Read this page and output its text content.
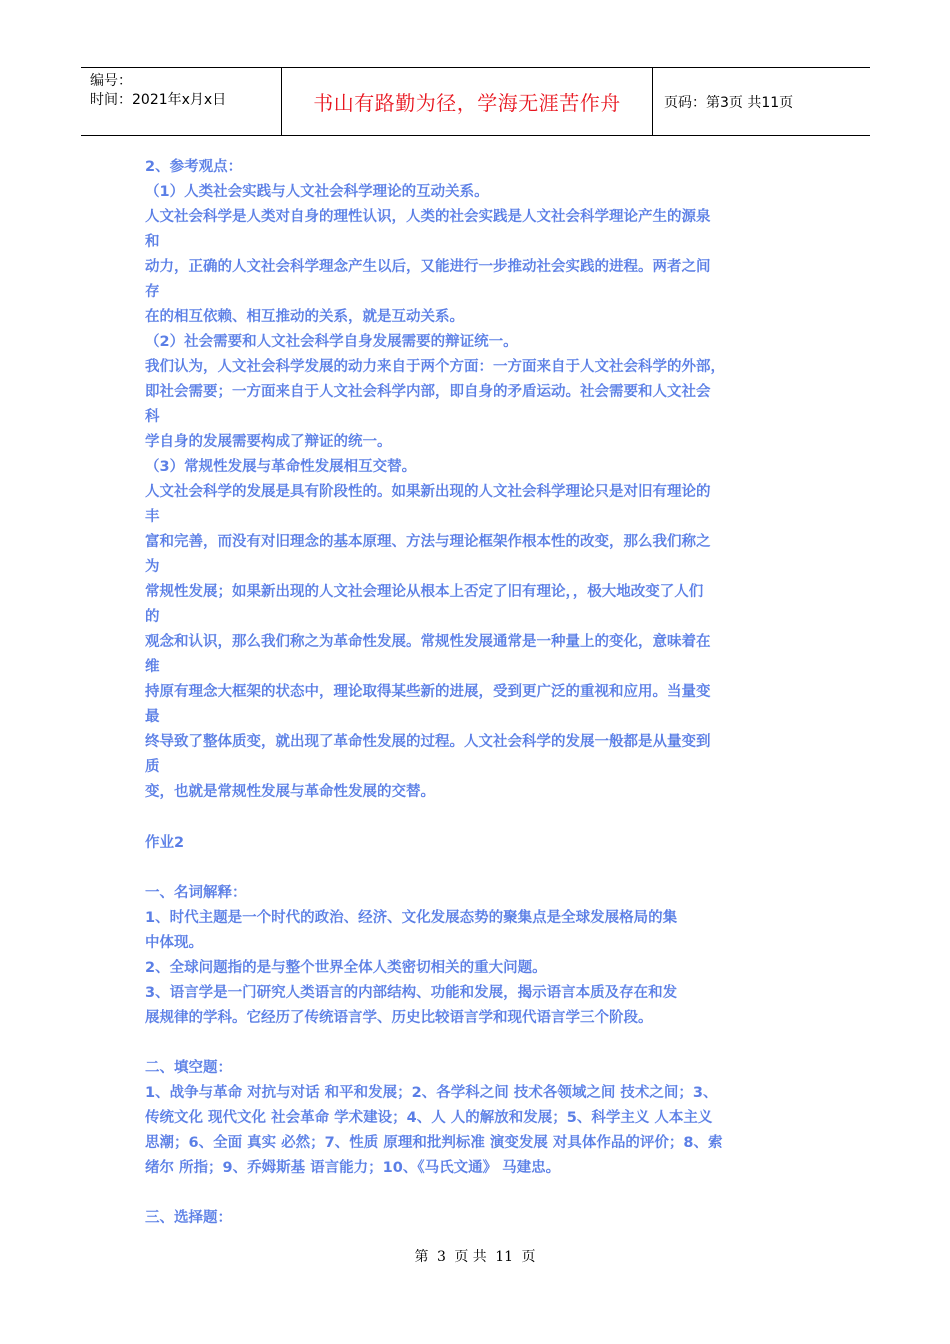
编号：
时间：2021年x月x日	书山有路勤为径，学海无涯苦作舟	页码：第3页 共11页
2、参考观点：
（1）人类社会实践与人文社会科学理论的互动关系。
人文社会科学是人类对自身的理性认识，人类的社会实践是人文社会科学理论产生的源泉
和
动力，正确的人文社会科学理念产生以后，又能进行一步推动社会实践的进程。两者之间
存
在的相互依赖、相互推动的关系，就是互动关系。
（2）社会需要和人文社会科学自身发展需要的辩证统一。
我们认为，人文社会科学发展的动力来自于两个方面：一方面来自于人文社会科学的外部，
即社会需要；一方面来自于人文社会科学内部，即自身的矛盾运动。社会需要和人文社会
科
学自身的发展需要构成了辩证的统一。
（3）常规性发展与革命性发展相互交替。
人文社会科学的发展是具有阶段性的。如果新出现的人文社会科学理论只是对旧有理论的
丰
富和完善，而没有对旧理念的基本原理、方法与理论框架作根本性的改变，那么我们称之
为
常规性发展；如果新出现的人文社会理论从根本上否定了旧有理论，，极大地改变了人们
的
观念和认识，那么我们称之为革命性发展。常规性发展通常是一种量上的变化，意味着在
维
持原有理念大框架的状态中，理论取得某些新的进展，受到更广泛的重视和应用。当量变
最
终导致了整体质变，就出现了革命性发展的过程。人文社会科学的发展一般都是从量变到
质
变，也就是常规性发展与革命性发展的交替。
作业2
一、名词解释：
1、时代主题是一个时代的政治、经济、文化发展态势的聚集点是全球发展格局的集
中体现。
2、全球问题指的是与整个世界全体人类密切相关的重大问题。
3、语言学是一门研究人类语言的内部结构、功能和发展，揭示语言本质及存在和发
展规律的学科。它经历了传统语言学、历史比较语言学和现代语言学三个阶段。
二、填空题：
1、战争与革命 对抗与对话 和平和发展；2、各学科之间 技术各领域之间 技术之间；3、
传统文化 现代文化 社会革命 学术建设；4、人 人的解放和发展；5、科学主义 人本主义
思潮；6、全面 真实 必然；7、性质 原理和批判标准 演变发展 对具体作品的评价；8、索
绪尔 所指；9、乔姆斯基 语言能力；10、《马氏文通》 马建忠。
三、选择题：
第 3 页 共 11 页
